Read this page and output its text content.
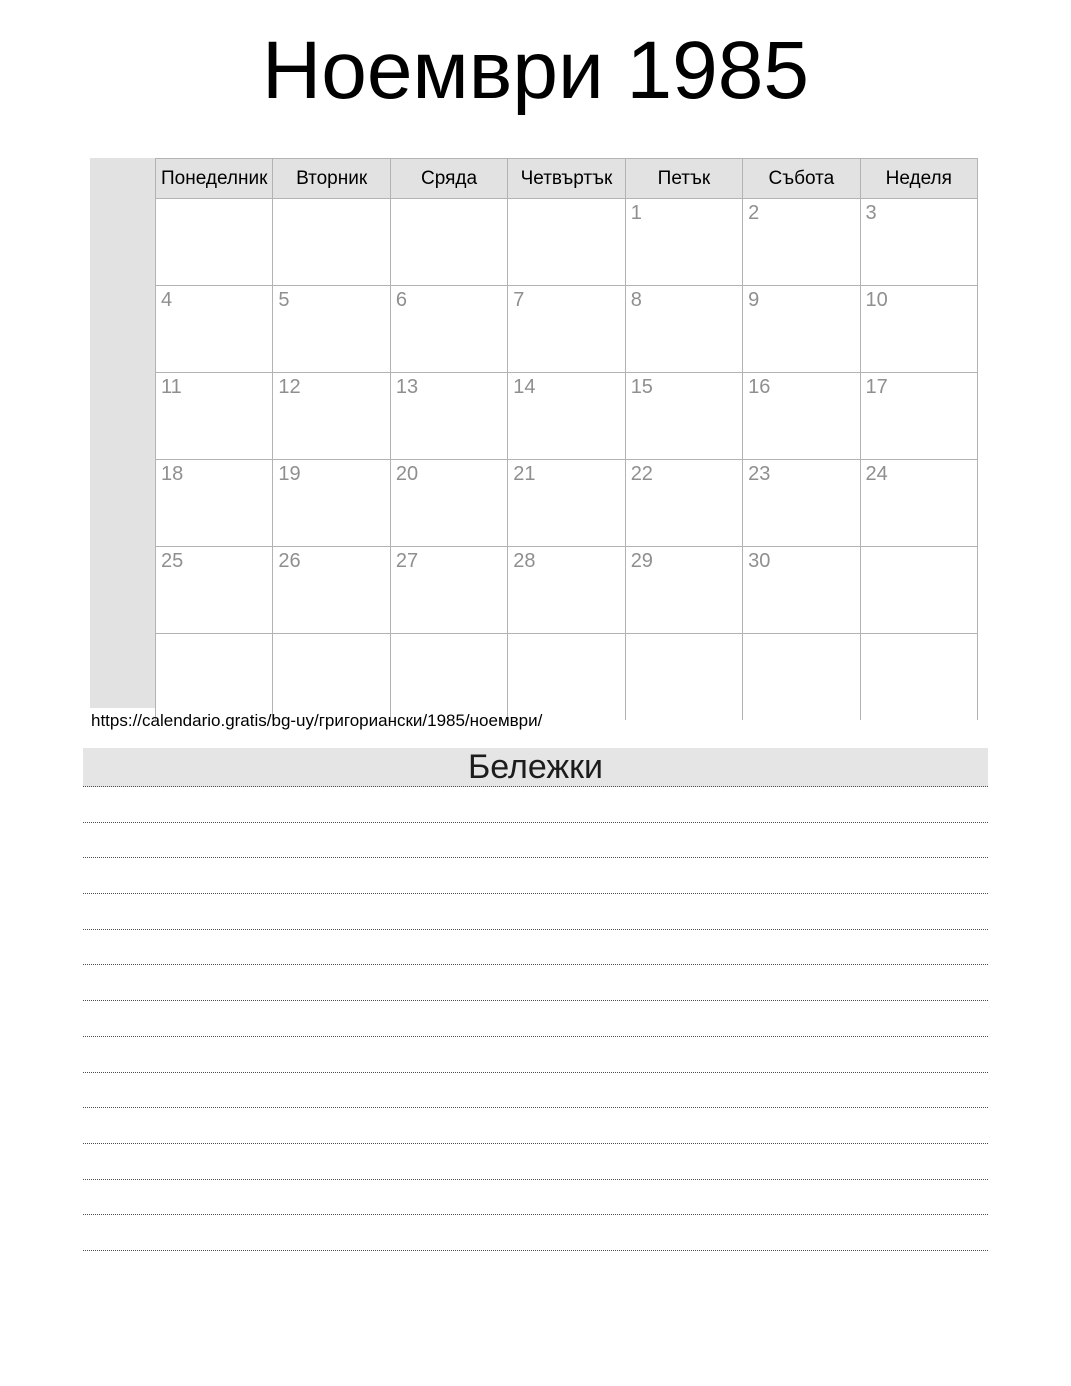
Ноември 1985
Понеделник	Вторник	Сряда	Четвъртък	Петък	Събота	Неделя
				1	2	3
4	5	6	7	8	9	10
11	12	13	14	15	16	17
18	19	20	21	22	23	24
25	26	27	28	29	30	

https://calendario.gratis/bg-uy/григориански/1985/ноември/
Бележки
